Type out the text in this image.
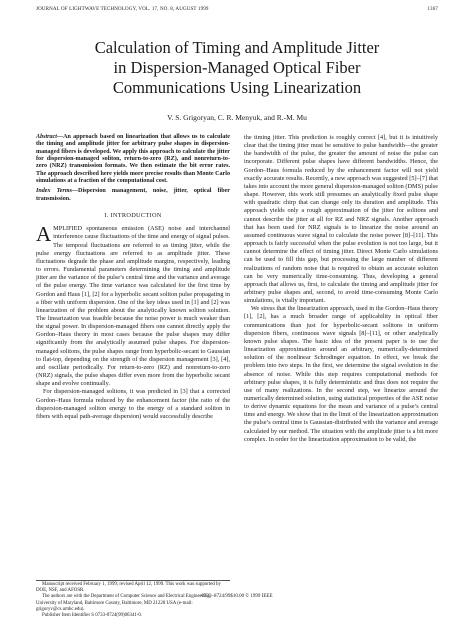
JOURNAL OF LIGHTWAVE TECHNOLOGY, VOL. 17, NO. 8, AUGUST 1999	1367
Calculation of Timing and Amplitude Jitter
in Dispersion-Managed Optical Fiber
Communications Using Linearization
V. S. Grigoryan, C. R. Menyuk, and R.-M. Mu

Abstract—An approach based on linearization that allows us to calculate the timing and amplitude jitter for arbitrary pulse shapes in dispersion-managed fibers is developed. We apply this approach to calculate the jitter for dispersion-managed soliton, return-to-zero (RZ), and nonreturn-to-zero (NRZ) transmission formats. We then estimate the bit error rates. The approach described here yields more precise results than Monte Carlo simulations at a fraction of the computational cost.

Index Terms—Dispersion management, noise, jitter, optical fiber transmission.

I. INTRODUCTION

AMPLIFIED spontaneous emission (ASE) noise and interchannel interference cause fluctuations of the time and energy of signal pulses. The temporal fluctuations are referred to as timing jitter, while the pulse energy fluctuations are referred to as amplitude jitter. These fluctuations degrade the phase and amplitude margins, respectively, leading to errors. Fundamental parameters determining the timing and amplitude jitter are the variance of the pulse’s central time and the variance and average of the pulse energy. The time variance was calculated for the first time by Gordon and Haus [1], [2] for a hyperbolic secant soliton pulse propagating in a fiber with uniform dispersion. One of the key ideas used in [1] and [2] was linearization of the problem about the analytically known soliton solution. The linearization was feasible because the noise power is much weaker than the signal power. In dispersion-managed fibers one cannot directly apply the Gordon–Haus theory in most cases because the pulse shapes may differ significantly from the analytically assumed pulse shapes. For dispersion-managed solitons, the pulse shapes range from hyperbolic-secant to Gaussian to flat-top, depending on the strength of the dispersion management [3], [4], and oscillate periodically. For return-to-zero (RZ) and nonreturn-to-zero (NRZ) signals, the pulse shapes differ even more from the hyperbolic secant shape and evolve continually.

For dispersion-managed solitons, it was predicted in [3] that a corrected Gordon–Haus formula reduced by the enhancement factor (the ratio of the dispersion-managed soliton energy to the energy of a standard soliton in fibers with equal path-average dispersion) would successfully describe

Manuscript received February 1, 1999; revised April 12, 1999. This work was supported by DOE, NSF, and AFOSR.

The authors are with the Department of Computer Science and Electrical Engineering, University of Maryland, Baltimore County, Baltimore, MD 21228 USA (e-mail: grigoryv@cs.umbc.edu).

Publisher Item Identifier S 0733-8724(99)06341-0.

the timing jitter. This prediction is roughly correct [4], but it is intuitively clear that the timing jitter must be sensitive to pulse bandwidth—the greater the bandwidth of the pulse, the greater the amount of noise the pulse can incorporate. Different pulse shapes have different bandwidths. Hence, the Gordon–Haus formula reduced by the enhancement factor will not yield exactly accurate results. Recently, a new approach was suggested [5]–[7] that takes into account the more general dispersion-managed soliton (DMS) pulse shape. However, this work still presumes an analytically fixed pulse shape with quadratic chirp that can change only its duration and amplitude. This approach yields only a rough approximation of the jitter for solitons and cannot describe the jitter at all for RZ and NRZ signals. Another approach that has been used for NRZ signals is to linearize the noise around an assumed continuous wave signal to calculate the noise power [8]–[11]. This approach is fairly successful when the pulse evolution is not too large, but it cannot determine the effect of timing jitter. Direct Monte Carlo simulations can be used to fill this gap, but processing the large number of different realizations of random noise that is required to obtain an accurate solution can be very numerically time-consuming. Thus, developing a general approach that allows us, first, to calculate the timing and amplitude jitter for arbitrary pulse shapes and, second, to avoid time-consuming Monte Carlo simulations, is vitally important.

We stress that the linearization approach, used in the Gordon–Haus theory [1], [2], has a much broader range of applicability in optical fiber communications than just for hyperbolic-secant solitons in uniform dispersion fibers, continuous wave signals [8]–[11], or other analytically known pulse shapes. The basic idea of the present paper is to use the linearization approximation around an arbitrary, numerically-determined solution of the nonlinear Schrodinger equation. In effect, we break the problem into two steps. In the first, we determine the signal evolution in the absence of noise. While this step requires computational methods for arbitrary pulse shapes, it is fully deterministic and thus does not require the use of many realizations. In the second step, we linearize around the numerically determined solution, using statistical properties of the ASE noise to derive dynamic equations for the mean and variance of a pulse’s central time and energy. We show that in the limit of the linearization approximation the pulse’s central time is Gaussian-distributed with the variance and average calculated by our method. The situation with the amplitude jitter is a bit more complex. In order for the linearization approximation to be valid, the

0733–8724/99$10.00 © 1999 IEEE
